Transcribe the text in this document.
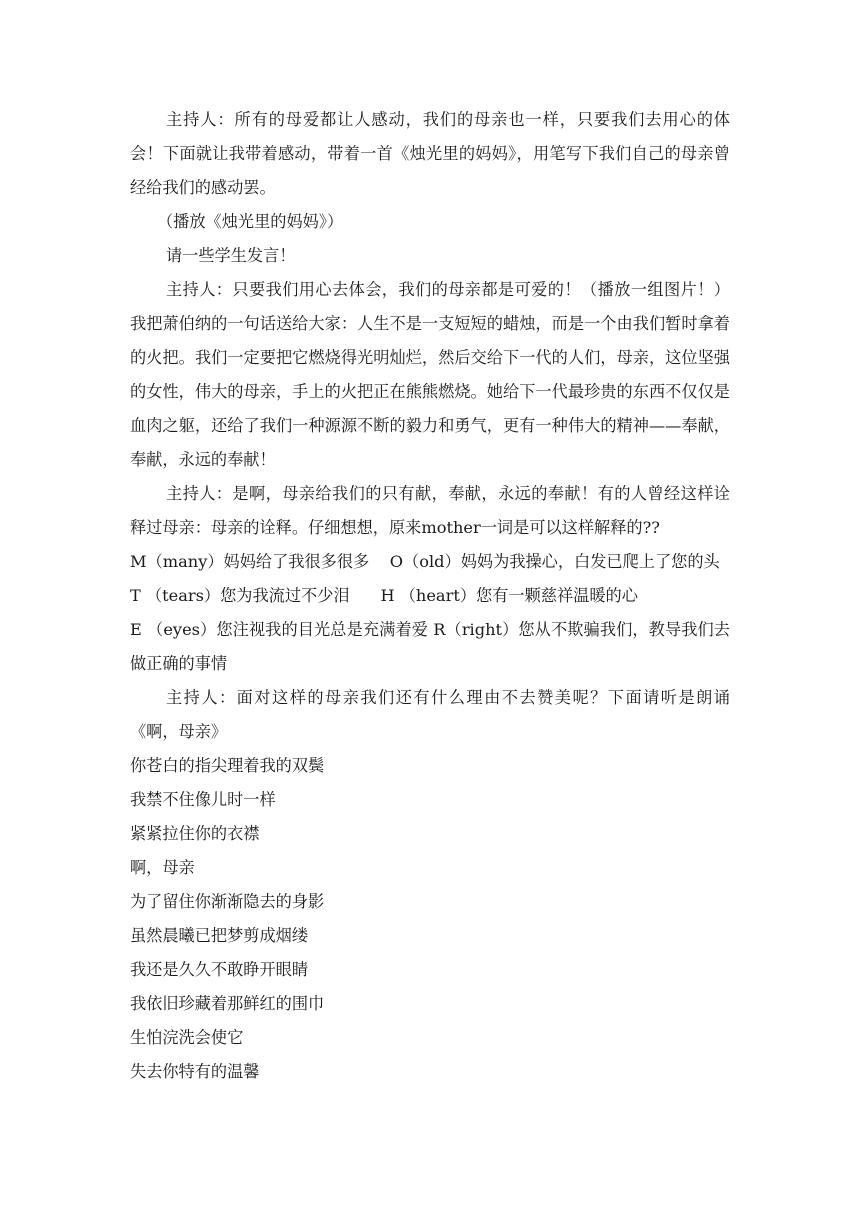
主持人：所有的母爱都让人感动，我们的母亲也一样，只要我们去用心的体会！下面就让我带着感动，带着一首《烛光里的妈妈》，用笔写下我们自己的母亲曾经给我们的感动罢。

（播放《烛光里的妈妈》）

请一些学生发言！

主持人：只要我们用心去体会，我们的母亲都是可爱的！（播放一组图片！）我把萧伯纳的一句话送给大家：人生不是一支短短的蜡烛，而是一个由我们暂时拿着的火把。我们一定要把它燃烧得光明灿烂，然后交给下一代的人们，母亲，这位坚强的女性，伟大的母亲，手上的火把正在熊熊燃烧。她给下一代最珍贵的东西不仅仅是血肉之躯，还给了我们一种源源不断的毅力和勇气，更有一种伟大的精神——奉献，奉献，永远的奉献！

主持人：是啊，母亲给我们的只有献，奉献，永远的奉献！有的人曾经这样诠释过母亲：母亲的诠释。仔细想想，原来mother一词是可以这样解释的??

M（many）妈妈给了我很多很多    O（old）妈妈为我操心，白发已爬上了您的头

T （tears）您为我流过不少泪      H （heart）您有一颗慈祥温暖的心

E （eyes）您注视我的目光总是充满着爱 R（right）您从不欺骗我们，教导我们去做正确的事情

主持人：面对这样的母亲我们还有什么理由不去赞美呢？下面请听是朗诵《啊，母亲》

你苍白的指尖理着我的双鬓

我禁不住像儿时一样

紧紧拉住你的衣襟

啊，母亲

为了留住你渐渐隐去的身影

虽然晨曦已把梦剪成烟缕

我还是久久不敢睁开眼睛

我依旧珍藏着那鲜红的围巾

生怕浣洗会使它

失去你特有的温馨
